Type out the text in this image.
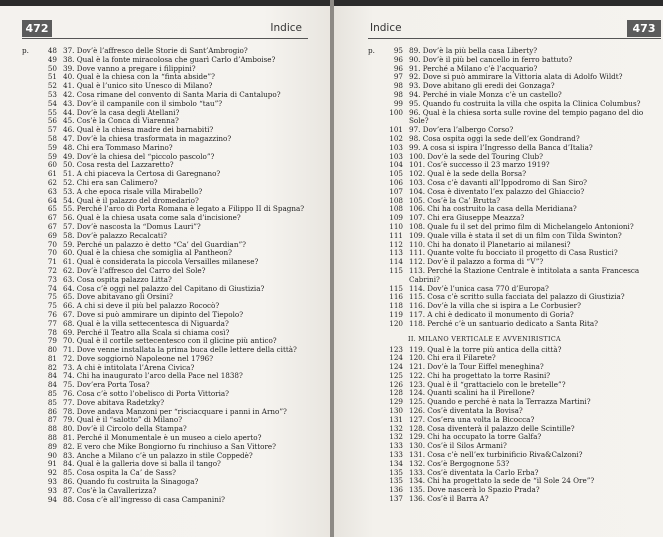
472	Indice
p.	48 37. Dov’è l’affresco delle Storie di Sant’Ambrogio?
49 38. Qual è la fonte miracolosa che guarì Carlo d’Amboise?
50 39. Dove vanno a pregare i filippini?
51 40. Qual è la chiesa con la “finta abside”?
52 41. Qual è l’unico sito Unesco di Milano?
53 42. Cosa rimane del convento di Santa Maria di Cantalupo?
54 43. Dov’è il campanile con il simbolo “tau”?
55 44. Dov’è la casa degli Atellani?
56 45. Cos’è la Conca di Viarenna?
57 46. Qual è la chiesa madre dei barnabiti?
58 47. Dov’è la chiesa trasformata in magazzino?
59 48. Chi era Tommaso Marino?
59 49. Dov’è la chiesa del “piccolo pascolo”?
60 50. Cosa resta del Lazzaretto?
61 51. A chi piaceva la Certosa di Garegnano?
62 52. Chi era san Calimero?
63 53. A che epoca risale villa Mirabello?
64 54. Qual è il palazzo del dromedario?
65 55. Perché l’arco di Porta Romana è legato a Filippo II di Spagna?
67 56. Qual è la chiesa usata come sala d’incisione?
67 57. Dov’è nascosta la “Domus Lauri”?
69 58. Dov’è palazzo Recalcati?
70 59. Perché un palazzo è detto “Ca’ del Guardian”?
70 60. Qual è la chiesa che somiglia al Pantheon?
71 61. Qual è considerata la piccola Versailles milanese?
72 62. Dov’è l’affresco del Carro del Sole?
73 63. Cosa ospita palazzo Litta?
74 64. Cosa c’è oggi nel palazzo del Capitano di Giustizia?
75 65. Dove abitavano gli Orsini?
75 66. A chi si deve il più bel palazzo Rococò?
76 67. Dove si può ammirare un dipinto del Tiepolo?
77 68. Qual è la villa settecentesca di Niguarda?
78 69. Perché il Teatro alla Scala si chiama così?
79 70. Qual è il cortile settecentesco con il glicine più antico?
80 71. Dove venne installata la prima buca delle lettere della città?
81 72. Dove soggiornò Napoleone nel 1796?
82 73. A chi è intitolata l’Arena Civica?
84 74. Chi ha inaugurato l’arco della Pace nel 1838?
84 75. Dov’era Porta Tosa?
85 76. Cosa c’è sotto l’obelisco di Porta Vittoria?
85 77. Dove abitava Radetzky?
86 78. Dove andava Manzoni per “risciacquare i panni in Arno”?
87 79. Qual è il “salotto” di Milano?
88 80. Dov’è il Circolo della Stampa?
88 81. Perché il Monumentale è un museo a cielo aperto?
89 82. E vero che Mike Bongiorno fu rinchiuso a San Vittore?
90 83. Anche a Milano c’è un palazzo in stile Coppedè?
91 84. Qual è la galleria dove si balla il tango?
92 85. Cosa ospita la Ca’ de Sass?
93 86. Quando fu costruita la Sinagoga?
93 87. Cos’è la Cavallerizza?
94 88. Cosa c’è all’ingresso di casa Campanini?
Indice	473
p.	95 89. Dov’è la più bella casa Liberty?
96 90. Dov’è il più bel cancello in ferro battuto?
96 91. Perché a Milano c’è l’acquario?
97 92. Dove si può ammirare la Vittoria alata di Adolfo Wildt?
98 93. Dove abitano gli eredi dei Gonzaga?
98 94. Perché in viale Monza c’è un castello?
99 95. Quando fu costruita la villa che ospita la Clinica Columbus?
100 96. Qual è la chiesa sorta sulle rovine del tempio pagano del dio Sole?
101 97. Dov’era l’albergo Corso?
102 98. Cosa ospita oggi la sede dell’ex Gondrand?
103 99. A cosa si ispira l’Ingresso della Banca d’Italia?
103 100. Dov’è la sede del Touring Club?
104 101. Cos’è successo il 23 marzo 1919?
105 102. Qual è la sede della Borsa?
106 103. Cosa c’è davanti all’Ippodromo di San Siro?
107 104. Cosa è diventato l’ex palazzo del Ghiaccio?
108 105. Cos’è la Ca’ Brutta?
108 106. Chi ha costruito la casa della Meridiana?
109 107. Chi era Giuseppe Meazza?
110 108. Quale fu il set del primo film di Michelangelo Antonioni?
111 109. Quale villa è stata il set di un film con Tilda Swinton?
112 110. Chi ha donato il Planetario ai milanesi?
113 111. Quante volte fu bocciato il progetto di Casa Rustici?
114 112. Dov’è il palazzo a forma di “V”?
115 113. Perché la Stazione Centrale è intitolata a santa Francesca Cabrini?
115 114. Dov’è l’unica casa 770 d’Europa?
116 115. Cosa c’è scritto sulla facciata del palazzo di Giustizia?
118 116. Dov’è la villa che si ispira a Le Corbusier?
119 117. A chi è dedicato il monumento di Goria?
120 118. Perché c’è un santuario dedicato a Santa Rita?
II. MILANO VERTICALE E AVVENIRISTICA
123 119. Qual è la torre più antica della città?
124 120. Chi era il Filarete?
124 121. Dov’è la Tour Eiffel meneghina?
125 122. Chi ha progettato la torre Rasini?
126 123. Qual è il “grattacielo con le bretelle”?
128 124. Quanti scalini ha il Pirellone?
129 125. Quando e perché è nata la Terrazza Martini?
130 126. Cos’è diventata la Bovisa?
131 127. Cos’era una volta la Bicocca?
132 128. Cosa diventerà il palazzo delle Scintille?
132 129. Chi ha occupato la torre Galfa?
133 130. Cos’è il Silos Armani?
133 131. Cosa c’è nell’ex turbinificio Riva&Calzoni?
134 132. Cos’è Bergognone 53?
135 133. Cos’è diventata la Carlo Erba?
135 134. Chi ha progettato la sede de “il Sole 24 Ore”?
136 135. Dove nascerà lo Spazio Prada?
137 136. Cos’è il Barra A?
